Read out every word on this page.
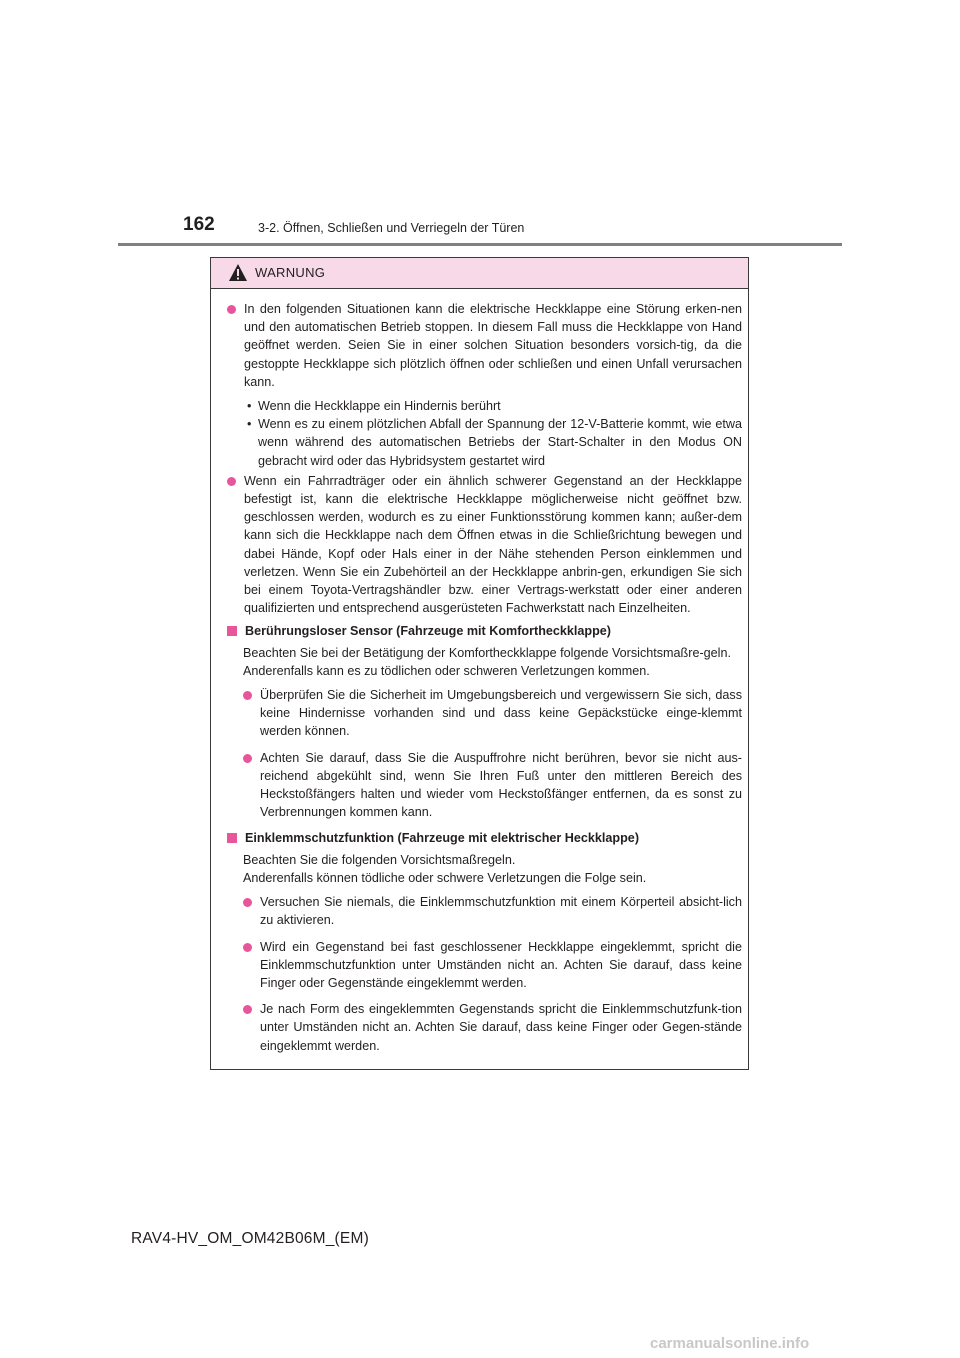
162	3-2. Öffnen, Schließen und Verriegeln der Türen
WARNUNG
In den folgenden Situationen kann die elektrische Heckklappe eine Störung erken-nen und den automatischen Betrieb stoppen. In diesem Fall muss die Heckklappe von Hand geöffnet werden. Seien Sie in einer solchen Situation besonders vorsich-tig, da die gestoppte Heckklappe sich plötzlich öffnen oder schließen und einen Unfall verursachen kann.
• Wenn die Heckklappe ein Hindernis berührt
• Wenn es zu einem plötzlichen Abfall der Spannung der 12-V-Batterie kommt, wie etwa wenn während des automatischen Betriebs der Start-Schalter in den Modus ON gebracht wird oder das Hybridsystem gestartet wird
Wenn ein Fahrradträger oder ein ähnlich schwerer Gegenstand an der Heckklappe befestigt ist, kann die elektrische Heckklappe möglicherweise nicht geöffnet bzw. geschlossen werden, wodurch es zu einer Funktionsstörung kommen kann; außer-dem kann sich die Heckklappe nach dem Öffnen etwas in die Schließrichtung bewegen und dabei Hände, Kopf oder Hals einer in der Nähe stehenden Person einklemmen und verletzen. Wenn Sie ein Zubehörteil an der Heckklappe anbrin-gen, erkundigen Sie sich bei einem Toyota-Vertragshändler bzw. einer Vertrags-werkstatt oder einer anderen qualifizierten und entsprechend ausgerüsteten Fachwerkstatt nach Einzelheiten.
Berührungsloser Sensor (Fahrzeuge mit Komfortheckklappe)

Beachten Sie bei der Betätigung der Komfortheckklappe folgende Vorsichtsmaßre-geln.

Anderenfalls kann es zu tödlichen oder schweren Verletzungen kommen.

Überprüfen Sie die Sicherheit im Umgebungsbereich und vergewissern Sie sich, dass keine Hindernisse vorhanden sind und dass keine Gepäckstücke einge-klemmt werden können.
Achten Sie darauf, dass Sie die Auspuffrohre nicht berühren, bevor sie nicht aus-reichend abgekühlt sind, wenn Sie Ihren Fuß unter den mittleren Bereich des Heckstoßfängers halten und wieder vom Heckstoßfänger entfernen, da es sonst zu Verbrennungen kommen kann.
Einklemmschutzfunktion (Fahrzeuge mit elektrischer Heckklappe)

Beachten Sie die folgenden Vorsichtsmaßregeln.

Anderenfalls können tödliche oder schwere Verletzungen die Folge sein.

Versuchen Sie niemals, die Einklemmschutzfunktion mit einem Körperteil absicht-lich zu aktivieren.
Wird ein Gegenstand bei fast geschlossener Heckklappe eingeklemmt, spricht die Einklemmschutzfunktion unter Umständen nicht an. Achten Sie darauf, dass keine Finger oder Gegenstände eingeklemmt werden.
Je nach Form des eingeklemmten Gegenstands spricht die Einklemmschutzfunk-tion unter Umständen nicht an. Achten Sie darauf, dass keine Finger oder Gegen-stände eingeklemmt werden.
RAV4-HV_OM_OM42B06M_(EM)
carmanualsonline.info
